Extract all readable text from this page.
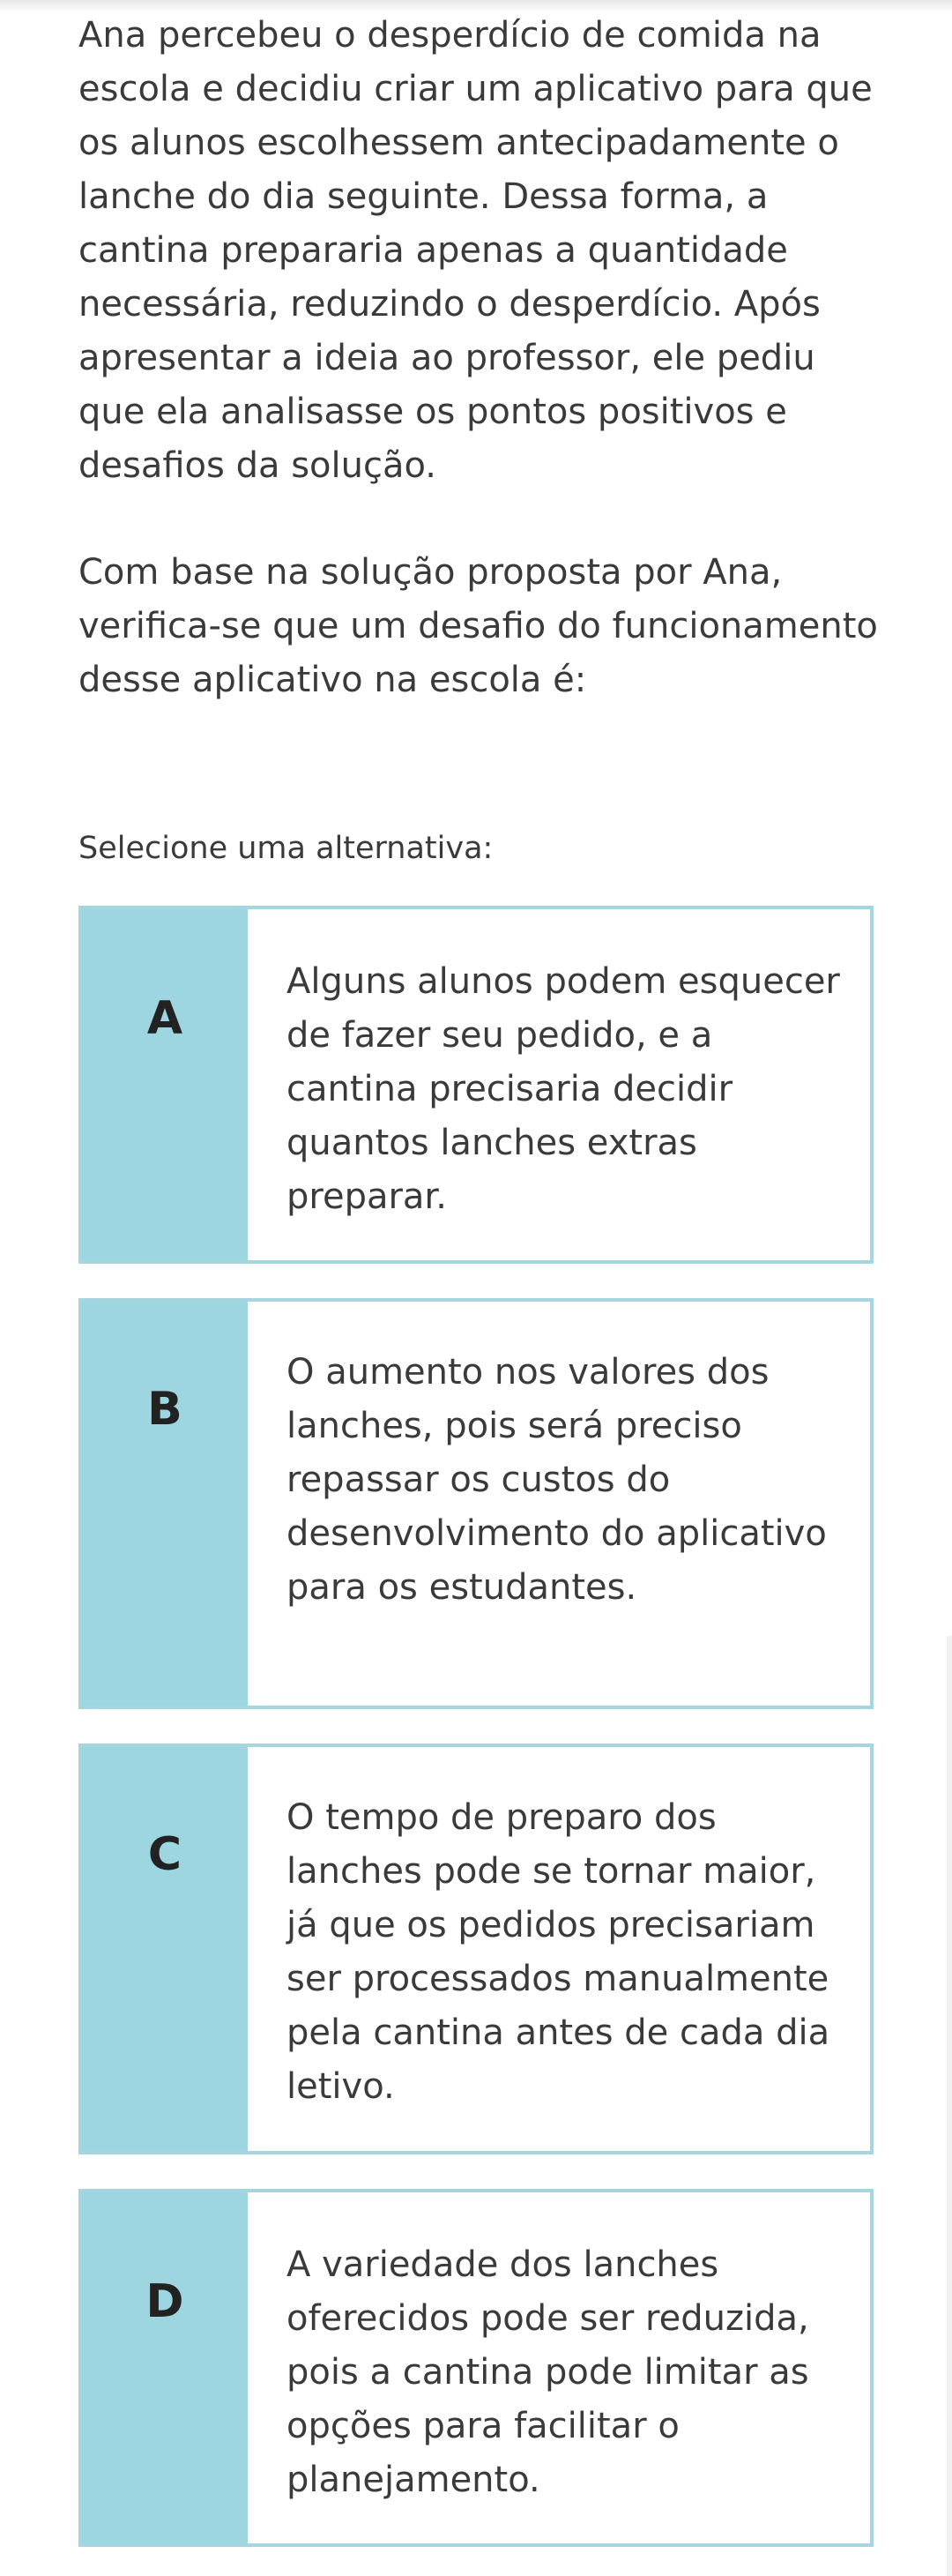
Ana percebeu o desperdício de comida na escola e decidiu criar um aplicativo para que os alunos escolhessem antecipadamente o lanche do dia seguinte. Dessa forma, a cantina prepararia apenas a quantidade necessária, reduzindo o desperdício. Após apresentar a ideia ao professor, ele pediu que ela analisasse os pontos positivos e desafios da solução.

Com base na solução proposta por Ana, verifica-se que um desafio do funcionamento desse aplicativo na escola é:

Selecione uma alternativa:

A
Alguns alunos podem esquecer de fazer seu pedido, e a cantina precisaria decidir quantos lanches extras preparar.
B
O aumento nos valores dos lanches, pois será preciso repassar os custos do desenvolvimento do aplicativo para os estudantes.
C
O tempo de preparo dos lanches pode se tornar maior, já que os pedidos precisariam ser processados manualmente pela cantina antes de cada dia letivo.
D
A variedade dos lanches oferecidos pode ser reduzida, pois a cantina pode limitar as opções para facilitar o planejamento.
